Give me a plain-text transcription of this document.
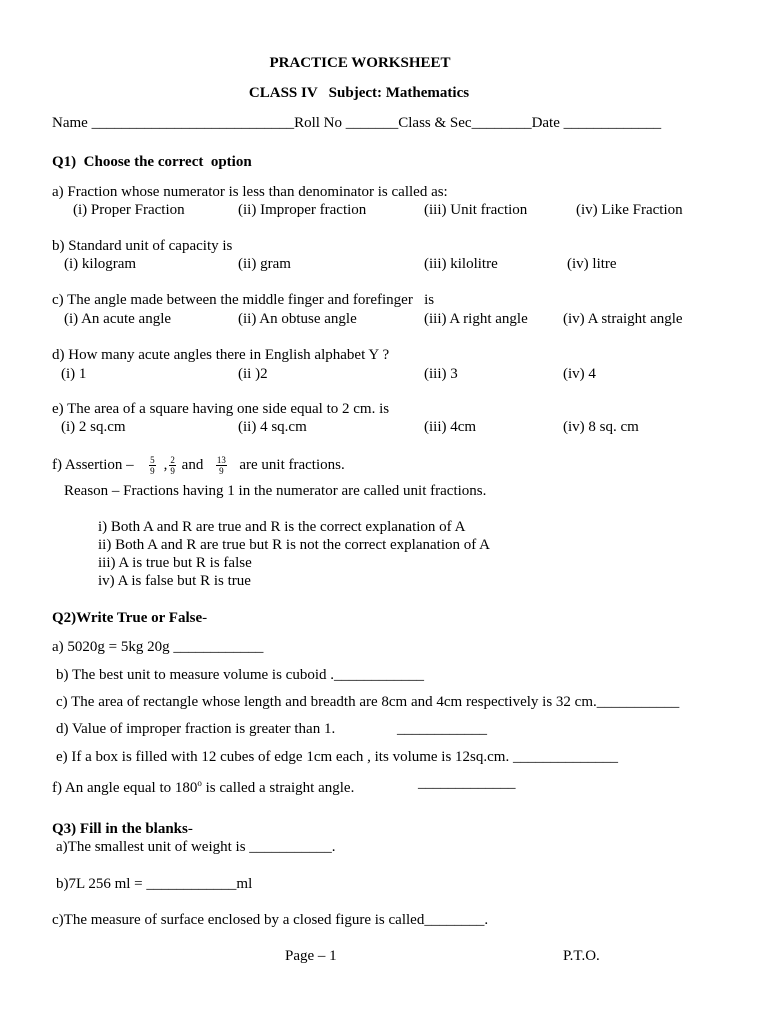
PRACTICE WORKSHEET
CLASS IV   Subject: Mathematics
Name ___________________________Roll No _______Class & Sec________Date _____________
Q1)  Choose the correct  option
a) Fraction whose numerator is less than denominator is called as:
(i) Proper Fraction	(ii) Improper fraction	(iii) Unit fraction	(iv) Like Fraction
b) Standard unit of capacity is
(i) kilogram	(ii) gram	(iii) kilolitre	(iv) litre
c) The angle made between the middle finger and forefinger   is
(i) An acute angle	(ii) An obtuse angle	(iii) A right angle (iv) A straight angle
d) How many acute angles there in English alphabet Y ?
(i) 1	(ii )2	(iii) 3	(iv) 4
e) The area of a square having one side equal to 2 cm. is
(i) 2 sq.cm	(ii) 4 sq.cm	(iii) 4cm	(iv) 8 sq. cm
f) Assertion – $\frac{5}{9}$ , $\frac{2}{9}$ and $\frac{13}{9}$ are unit fractions.
Reason – Fractions having 1 in the numerator are called unit fractions.
i) Both A and R are true and R is the correct explanation of A
ii) Both A and R are true but R is not the correct explanation of A
iii) A is true but R is false
iv) A is false but R is true
Q2)Write True or False-
a) 5020g = 5kg 20g ____________
b) The best unit to measure volume is cuboid .____________
c) The area of rectangle whose length and breadth are 8cm and 4cm respectively is 32 cm.___________
d) Value of improper fraction is greater than 1.	____________
e) If a box is filled with 12 cubes of edge 1cm each , its volume is 12sq.cm. ______________
f) An angle equal to 180$^o$ is called a straight angle.	_____________
Q3) Fill in the blanks-
a)The smallest unit of weight is ___________.
b)7L 256 ml = ____________ml
c)The measure of surface enclosed by a closed figure is called________.
Page – 1	P.T.O.
